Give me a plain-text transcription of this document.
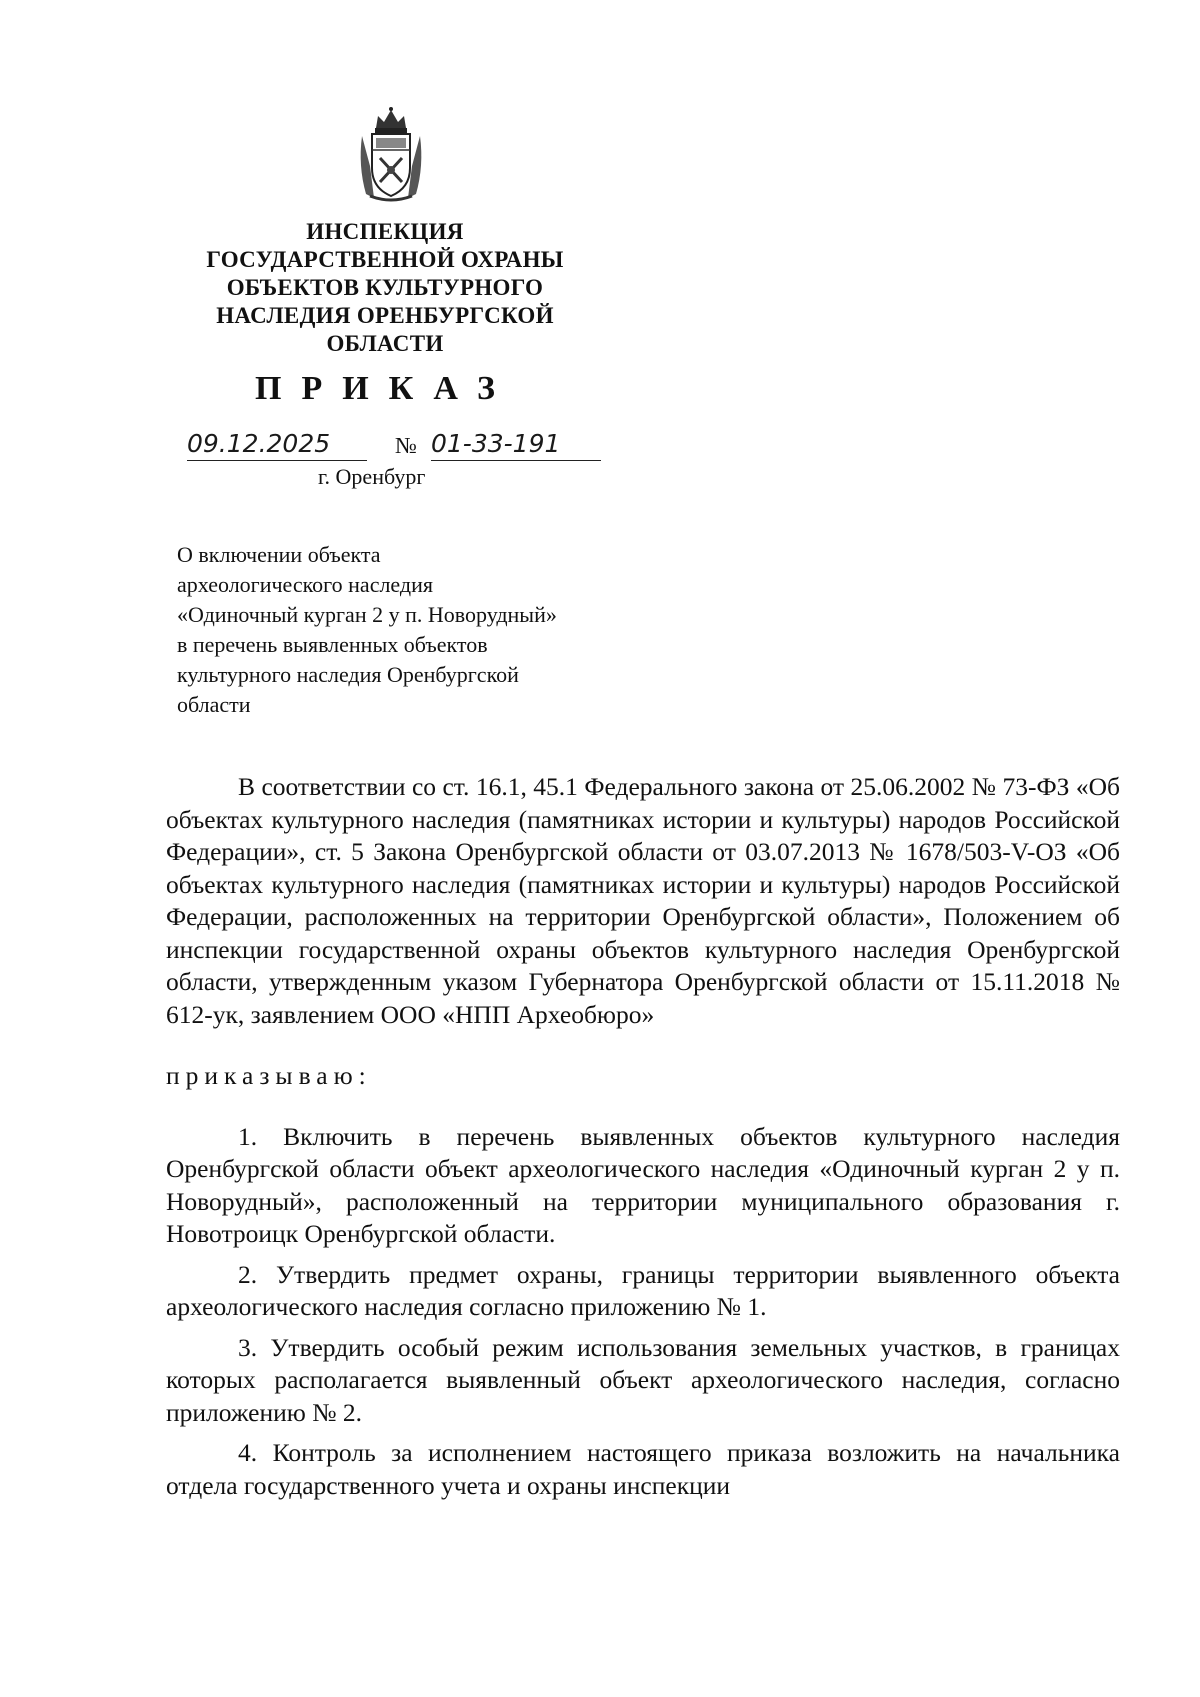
ИНСПЕКЦИЯ
ГОСУДАРСТВЕННОЙ ОХРАНЫ
ОБЪЕКТОВ КУЛЬТУРНОГО
НАСЛЕДИЯ ОРЕНБУРГСКОЙ
ОБЛАСТИ
ПРИКАЗ
09.12.2025	№ 01-33-191
г. Оренбург
О включении объекта
археологического наследия
«Одиночный курган 2 у п. Новорудный»
в перечень выявленных объектов
культурного наследия Оренбургской
области

В соответствии со ст. 16.1, 45.1 Федерального закона от 25.06.2002 № 73-ФЗ «Об объектах культурного наследия (памятниках истории и культуры) народов Российской Федерации», ст. 5 Закона Оренбургской области от 03.07.2013 № 1678/503-V-ОЗ «Об объектах культурного наследия (памятниках истории и культуры) народов Российской Федерации, расположенных на территории Оренбургской области», Положением об инспекции государственной охраны объектов культурного наследия Оренбургской области, утвержденным указом Губернатора Оренбургской области от 15.11.2018 № 612-ук, заявлением ООО «НПП Археобюро»

приказываю:

1. Включить в перечень выявленных объектов культурного наследия Оренбургской области объект археологического наследия «Одиночный курган 2 у п. Новорудный», расположенный на территории муниципального образования г. Новотроицк Оренбургской области.

2. Утвердить предмет охраны, границы территории выявленного объекта археологического наследия согласно приложению № 1.

3. Утвердить особый режим использования земельных участков, в границах которых располагается выявленный объект археологического наследия, согласно приложению № 2.

4. Контроль за исполнением настоящего приказа возложить на начальника отдела государственного учета и охраны инспекции
